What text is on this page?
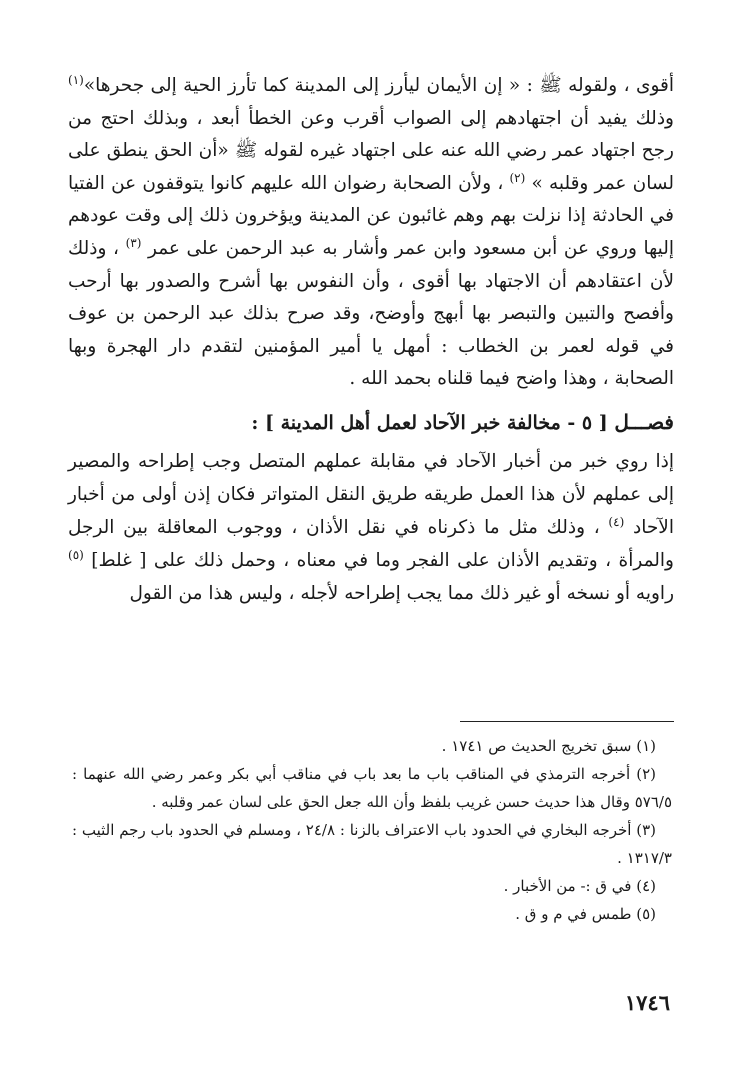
أقوى ، ولقوله ﷺ : « إن الأيمان ليأرز إلى المدينة كما تأرز الحية إلى جحرها»$^{(١)}$ وذلك يفيد أن اجتهادهم إلى الصواب أقرب وعن الخطأ أبعد ، وبذلك احتج من رجح اجتهاد عمر رضي الله عنه على اجتهاد غيره لقوله ﷺ «أن الحق ينطق على لسان عمر وقلبه » $^{(٢)}$ ، ولأن الصحابة رضوان الله عليهم كانوا يتوقفون عن الفتيا في الحادثة إذا نزلت بهم وهم غائبون عن المدينة ويؤخرون ذلك إلى وقت عودهم إليها وروي عن أبن مسعود وابن عمر وأشار به عبد الرحمن على عمر $^{(٣)}$ ، وذلك لأن اعتقادهم أن الاجتهاد بها أقوى ، وأن النفوس بها أشرح والصدور بها أرحب وأفصح والتبين والتبصر بها أبهج وأوضح، وقد صرح بذلك عبد الرحمن بن عوف في قوله لعمر بن الخطاب : أمهل يا أمير المؤمنين لتقدم دار الهجرة وبها الصحابة ، وهذا واضح فيما قلناه بحمد الله .

فصـــل [ ٥ - مخالفة خبر الآحاد لعمل أهل المدينة ] :

إذا روي خبر من أخبار الآحاد في مقابلة عملهم المتصل وجب إطراحه والمصير إلى عملهم لأن هذا العمل طريقه طريق النقل المتواتر فكان إذن أولى من أخبار الآحاد $^{(٤)}$ ، وذلك مثل ما ذكرناه في نقل الأذان ، ووجوب المعاقلة بين الرجل والمرأة ، وتقديم الأذان على الفجر وما في معناه ، وحمل ذلك على [ غلط] $^{(٥)}$ راويه أو نسخه أو غير ذلك مما يجب إطراحه لأجله ، وليس هذا من القول

(١) سبق تخريج الحديث ص ١٧٤١ .

(٢) أخرجه الترمذي في المناقب باب ما بعد باب في مناقب أبي بكر وعمر رضي الله عنهما : ٥٧٦/٥ وقال هذا حديث حسن غريب بلفظ وأن الله جعل الحق على لسان عمر وقلبه .

(٣) أخرجه البخاري في الحدود باب الاعتراف بالزنا : ٢٤/٨ ، ومسلم في الحدود باب رجم الثيب : ١٣١٧/٣ .

(٤) في ق :- من الأخبار .

(٥) طمس في م و ق .

١٧٤٦
